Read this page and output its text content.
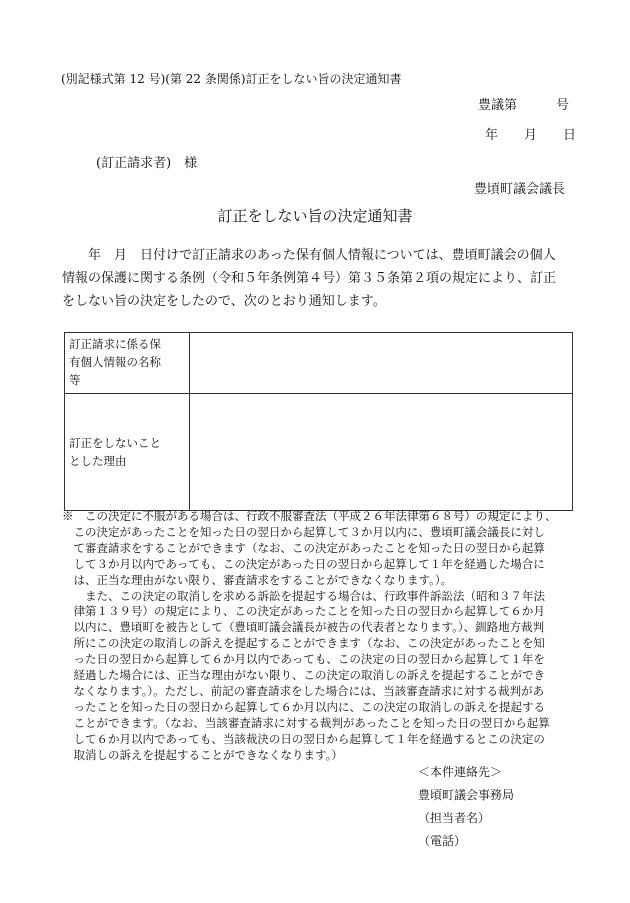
(別記様式第 12 号)(第 22 条関係)訂正をしない旨の決定通知書
豊議第　　　号
年　　月　　日
(訂正請求者)　様
豊頃町議会議長
訂正をしない旨の決定通知書
年　月　日付けで訂正請求のあった保有個人情報については、豊頃町議会の個人
情報の保護に関する条例（令和５年条例第４号）第３５条第２項の規定により、訂正
をしない旨の決定をしたので、次のとおり通知します。
訂正請求に係る保
有個人情報の名称
等	

訂正をしないこと
とした理由	

※　この決定に不服がある場合は、行政不服審査法（平成２６年法律第６８号）の規定により、
　この決定があったことを知った日の翌日から起算して３か月以内に、豊頃町議会議長に対し
　て審査請求をすることができます（なお、この決定があったことを知った日の翌日から起算
　して３か月以内であっても、この決定があった日の翌日から起算して１年を経過した場合に
　は、正当な理由がない限り、審査請求をすることができなくなります。）。
　　また、この決定の取消しを求める訴訟を提起する場合は、行政事件訴訟法（昭和３７年法
　律第１３９号）の規定により、この決定があったことを知った日の翌日から起算して６か月
　以内に、豊頃町を被告として（豊頃町議会議長が被告の代表者となります。）、釧路地方裁判
　所にこの決定の取消しの訴えを提起することができます（なお、この決定があったことを知
　った日の翌日から起算して６か月以内であっても、この決定の日の翌日から起算して１年を
　経過した場合には、正当な理由がない限り、この決定の取消しの訴えを提起することができ
　なくなります。）。ただし、前記の審査請求をした場合には、当該審査請求に対する裁判があ
　ったことを知った日の翌日から起算して６か月以内に、この決定の取消しの訴えを提起する
　ことができます。（なお、当該審査請求に対する裁判があったことを知った日の翌日から起算
　して６か月以内であっても、当該裁決の日の翌日から起算して１年を経過するとこの決定の
　取消しの訴えを提起することができなくなります。）
＜本件連絡先＞
豊頃町議会事務局
（担当者名）
（電話）
